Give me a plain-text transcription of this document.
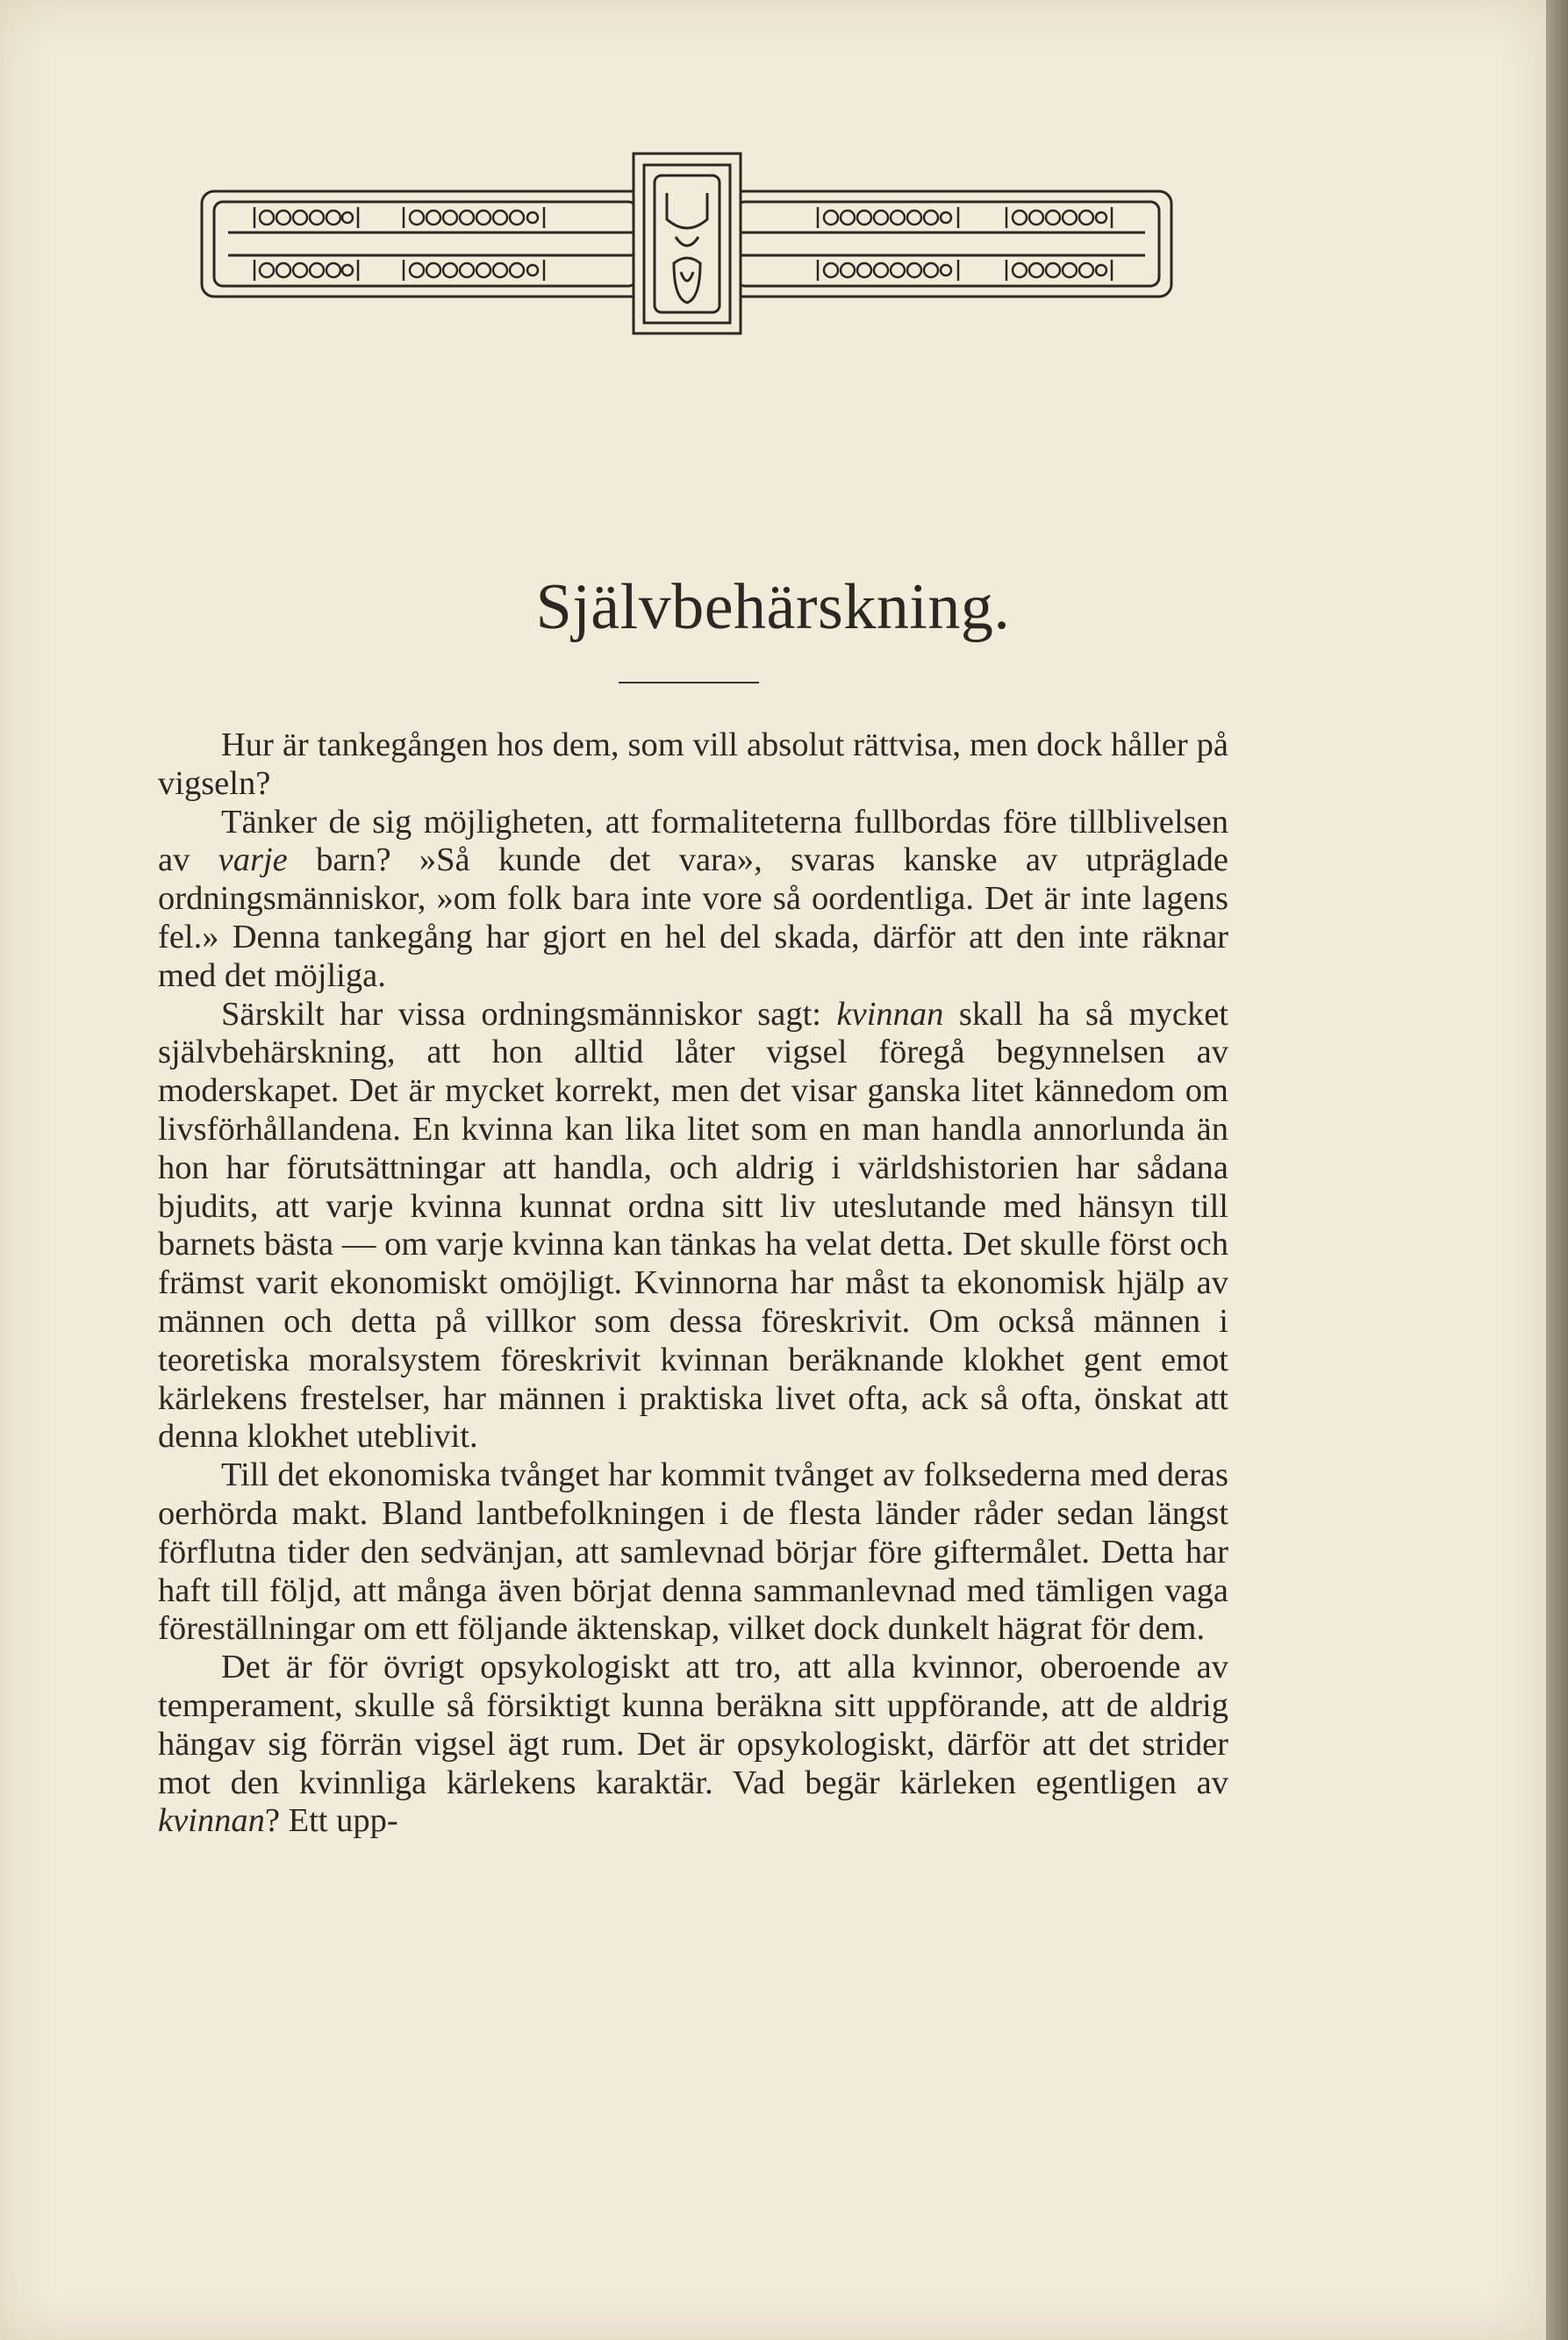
Självbehärskning.

Hur är tankegången hos dem, som vill absolut rättvisa, men dock håller på vigseln?

Tänker de sig möjligheten, att formaliteterna fullbordas före tillblivelsen av varje barn? »Så kunde det vara», svaras kanske av utpräglade ordningsmänniskor, »om folk bara inte vore så oordentliga. Det är inte lagens fel.» Denna tankegång har gjort en hel del skada, därför att den inte räknar med det möjliga.

Särskilt har vissa ordningsmänniskor sagt: kvinnan skall ha så mycket självbehärskning, att hon alltid låter vigsel föregå begynnelsen av moderskapet. Det är mycket korrekt, men det visar ganska litet kännedom om livsförhållandena. En kvinna kan lika litet som en man handla annorlunda än hon har förutsättningar att handla, och aldrig i världshistorien har sådana bjudits, att varje kvinna kunnat ordna sitt liv uteslutande med hänsyn till barnets bästa — om varje kvinna kan tänkas ha velat detta. Det skulle först och främst varit ekonomiskt omöjligt. Kvinnorna har måst ta ekonomisk hjälp av männen och detta på villkor som dessa föreskrivit. Om också männen i teoretiska moralsystem föreskrivit kvinnan beräknande klokhet gent emot kärlekens frestelser, har männen i praktiska livet ofta, ack så ofta, önskat att denna klokhet uteblivit.

Till det ekonomiska tvånget har kommit tvånget av folksederna med deras oerhörda makt. Bland lantbefolkningen i de flesta länder råder sedan längst förflutna tider den sedvänjan, att samlevnad börjar före giftermålet. Detta har haft till följd, att många även börjat denna sammanlevnad med tämligen vaga föreställningar om ett följande äktenskap, vilket dock dunkelt hägrat för dem.

Det är för övrigt opsykologiskt att tro, att alla kvinnor, oberoende av temperament, skulle så försiktigt kunna beräkna sitt uppförande, att de aldrig hängav sig förrän vigsel ägt rum. Det är opsykologiskt, därför att det strider mot den kvinnliga kärlekens karaktär. Vad begär kärleken egentligen av kvinnan? Ett upp-
